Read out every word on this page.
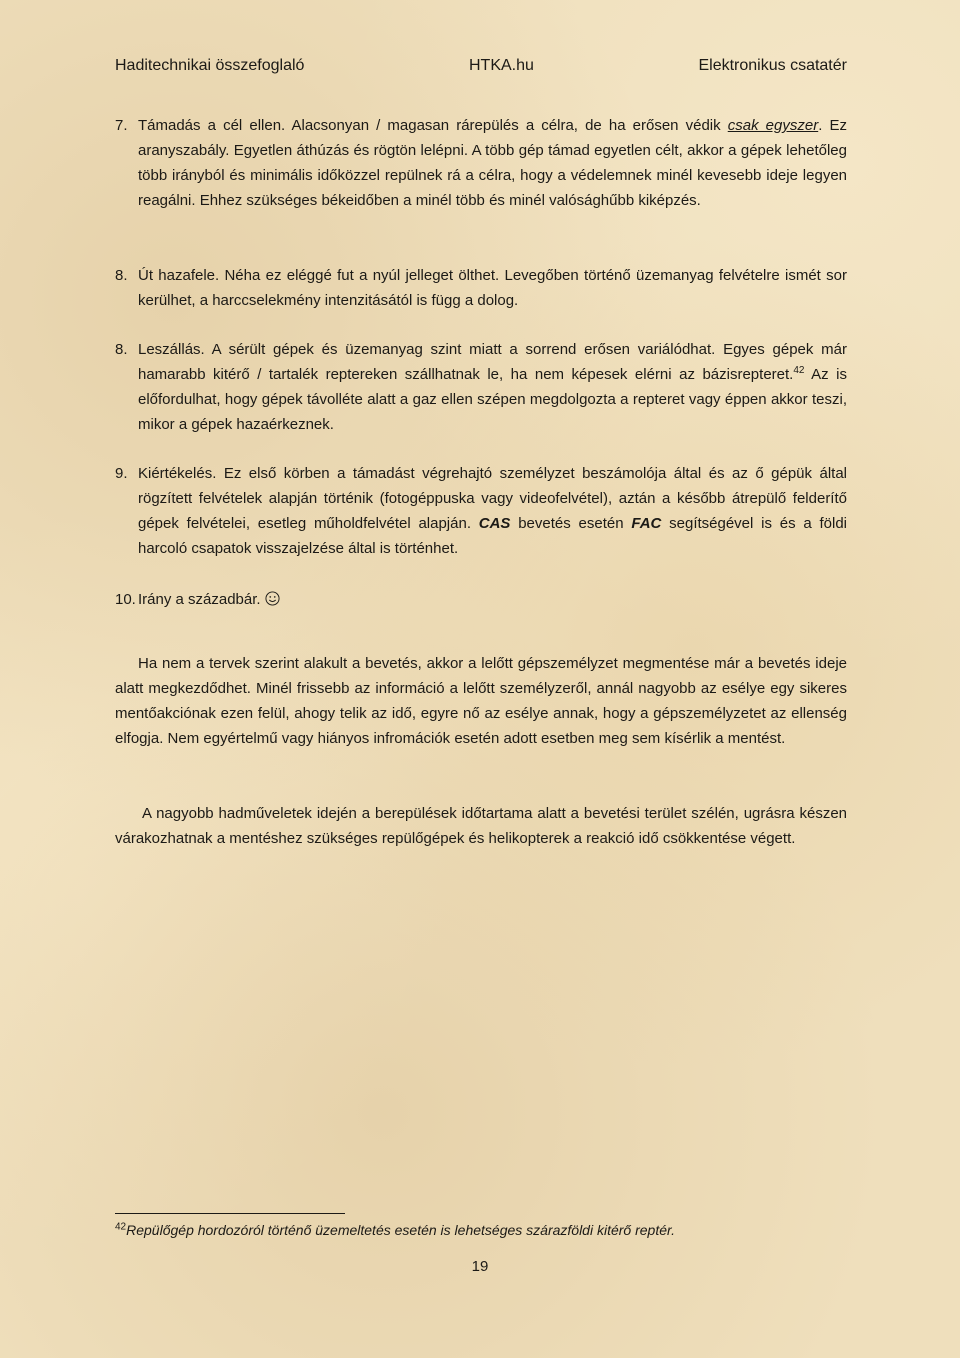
Haditechnikai összefoglaló	HTKA.hu	Elektronikus csatatér
7. Támadás a cél ellen. Alacsonyan / magasan rárepülés a célra, de ha erősen védik csak egyszer. Ez aranyszabály. Egyetlen áthúzás és rögtön lelépni. A több gép támad egyetlen célt, akkor a gépek lehetőleg több irányból és minimális időközzel repülnek rá a célra, hogy a védelemnek minél kevesebb ideje legyen reagálni. Ehhez szükséges békeidőben a minél több és minél valósághűbb kiképzés.
8. Út hazafele. Néha ez eléggé fut a nyúl jelleget ölthet. Levegőben történő üzemanyag felvételre ismét sor kerülhet, a harccselekmény intenzitásától is függ a dolog.
8. Leszállás. A sérült gépek és üzemanyag szint miatt a sorrend erősen variálódhat. Egyes gépek már hamarabb kitérő / tartalék reptereken szállhatnak le, ha nem képesek elérni az bázisrepteret.$^{42}$ Az is előfordulhat, hogy gépek távolléte alatt a gaz ellen szépen megdolgozta a repteret vagy éppen akkor teszi, mikor a gépek hazaérkeznek.
9. Kiértékelés. Ez első körben a támadást végrehajtó személyzet beszámolója által és az ő gépük által rögzített felvételek alapján történik (fotogéppuska vagy videofelvétel), aztán a később átrepülő felderítő gépek felvételei, esetleg műholdfelvétel alapján. CAS bevetés esetén FAC segítségével is és a földi harcoló csapatok visszajelzése által is történhet.
10. Irány a századbár.
Ha nem a tervek szerint alakult a bevetés, akkor a lelőtt gépszemélyzet megmentése már a bevetés ideje alatt megkezdődhet. Minél frissebb az információ a lelőtt személyzeről, annál nagyobb az esélye egy sikeres mentőakciónak ezen felül, ahogy telik az idő, egyre nő az esélye annak, hogy a gépszemélyzetet az ellenség elfogja. Nem egyértelmű vagy hiányos infromációk esetén adott esetben meg sem kísérlik a mentést.
A nagyobb hadműveletek idején a berepülések időtartama alatt a bevetési terület szélén, ugrásra készen várakozhatnak a mentéshez szükséges repülőgépek és helikopterek a reakció idő csökkentése végett.
$^{42}$Repülőgép hordozóról történő üzemeltetés esetén is lehetséges szárazföldi kitérő reptér.
19
